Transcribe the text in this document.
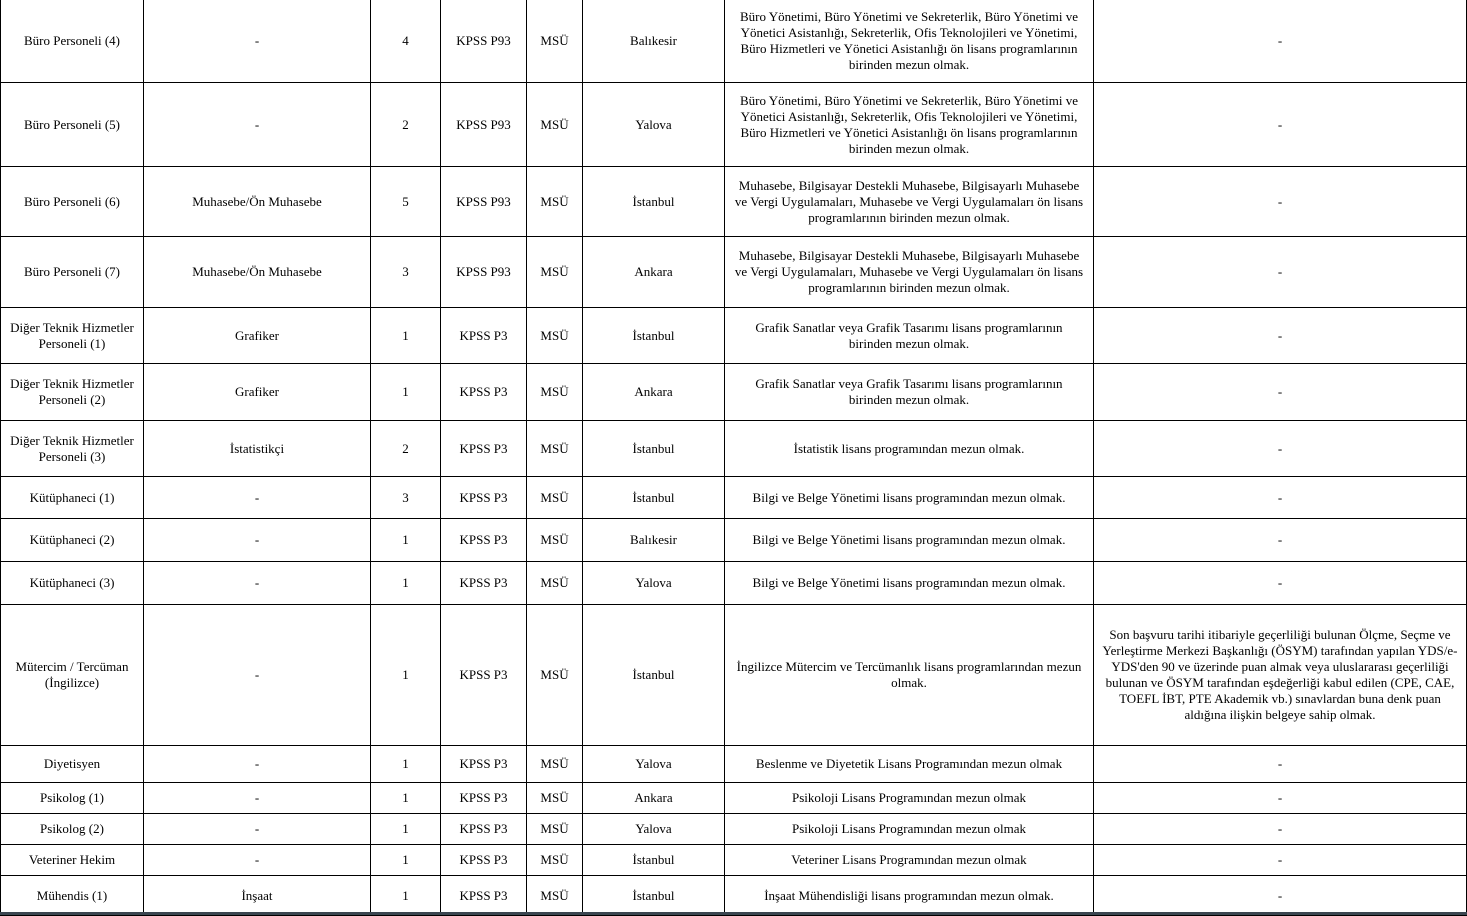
Büro Personeli (4)	-	4	KPSS P93	MSÜ	Balıkesir	Büro Yönetimi, Büro Yönetimi ve Sekreterlik, Büro Yönetimi ve Yönetici Asistanlığı, Sekreterlik, Ofis Teknolojileri ve Yönetimi, Büro Hizmetleri ve Yönetici Asistanlığı ön lisans programlarının birinden mezun olmak.	-
Büro Personeli (5)	-	2	KPSS P93	MSÜ	Yalova	Büro Yönetimi, Büro Yönetimi ve Sekreterlik, Büro Yönetimi ve Yönetici Asistanlığı, Sekreterlik, Ofis Teknolojileri ve Yönetimi, Büro Hizmetleri ve Yönetici Asistanlığı ön lisans programlarının birinden mezun olmak.	-
Büro Personeli (6)	Muhasebe/Ön Muhasebe	5	KPSS P93	MSÜ	İstanbul	Muhasebe, Bilgisayar Destekli Muhasebe, Bilgisayarlı Muhasebe ve Vergi Uygulamaları, Muhasebe ve Vergi Uygulamaları ön lisans programlarının birinden mezun olmak.	-
Büro Personeli (7)	Muhasebe/Ön Muhasebe	3	KPSS P93	MSÜ	Ankara	Muhasebe, Bilgisayar Destekli Muhasebe, Bilgisayarlı Muhasebe ve Vergi Uygulamaları, Muhasebe ve Vergi Uygulamaları ön lisans programlarının birinden mezun olmak.	-
Diğer Teknik Hizmetler Personeli (1)	Grafiker	1	KPSS P3	MSÜ	İstanbul	Grafik Sanatlar veya Grafik Tasarımı lisans programlarının birinden mezun olmak.	-
Diğer Teknik Hizmetler Personeli (2)	Grafiker	1	KPSS P3	MSÜ	Ankara	Grafik Sanatlar veya Grafik Tasarımı lisans programlarının birinden mezun olmak.	-
Diğer Teknik Hizmetler Personeli (3)	İstatistikçi	2	KPSS P3	MSÜ	İstanbul	İstatistik lisans programından mezun olmak.	-
Kütüphaneci (1)	-	3	KPSS P3	MSÜ	İstanbul	Bilgi ve Belge Yönetimi lisans programından mezun olmak.	-
Kütüphaneci (2)	-	1	KPSS P3	MSÜ	Balıkesir	Bilgi ve Belge Yönetimi lisans programından mezun olmak.	-
Kütüphaneci (3)	-	1	KPSS P3	MSÜ	Yalova	Bilgi ve Belge Yönetimi lisans programından mezun olmak.	-
Mütercim / Tercüman (İngilizce)	-	1	KPSS P3	MSÜ	İstanbul	İngilizce Mütercim ve Tercümanlık lisans programlarından mezun olmak.	Son başvuru tarihi itibariyle geçerliliği bulunan Ölçme, Seçme ve Yerleştirme Merkezi Başkanlığı (ÖSYM) tarafından yapılan YDS/e-YDS'den 90 ve üzerinde puan almak veya uluslararası geçerliliği bulunan ve ÖSYM tarafından eşdeğerliği kabul edilen (CPE, CAE, TOEFL İBT, PTE Akademik vb.) sınavlardan buna denk puan aldığına ilişkin belgeye sahip olmak.
Diyetisyen	-	1	KPSS P3	MSÜ	Yalova	Beslenme ve Diyetetik Lisans Programından mezun olmak	-
Psikolog (1)	-	1	KPSS P3	MSÜ	Ankara	Psikoloji Lisans Programından mezun olmak	-
Psikolog (2)	-	1	KPSS P3	MSÜ	Yalova	Psikoloji Lisans Programından mezun olmak	-
Veteriner Hekim	-	1	KPSS P3	MSÜ	İstanbul	Veteriner Lisans Programından mezun olmak	-
Mühendis (1)	İnşaat	1	KPSS P3	MSÜ	İstanbul	İnşaat Mühendisliği lisans programından mezun olmak.	-
